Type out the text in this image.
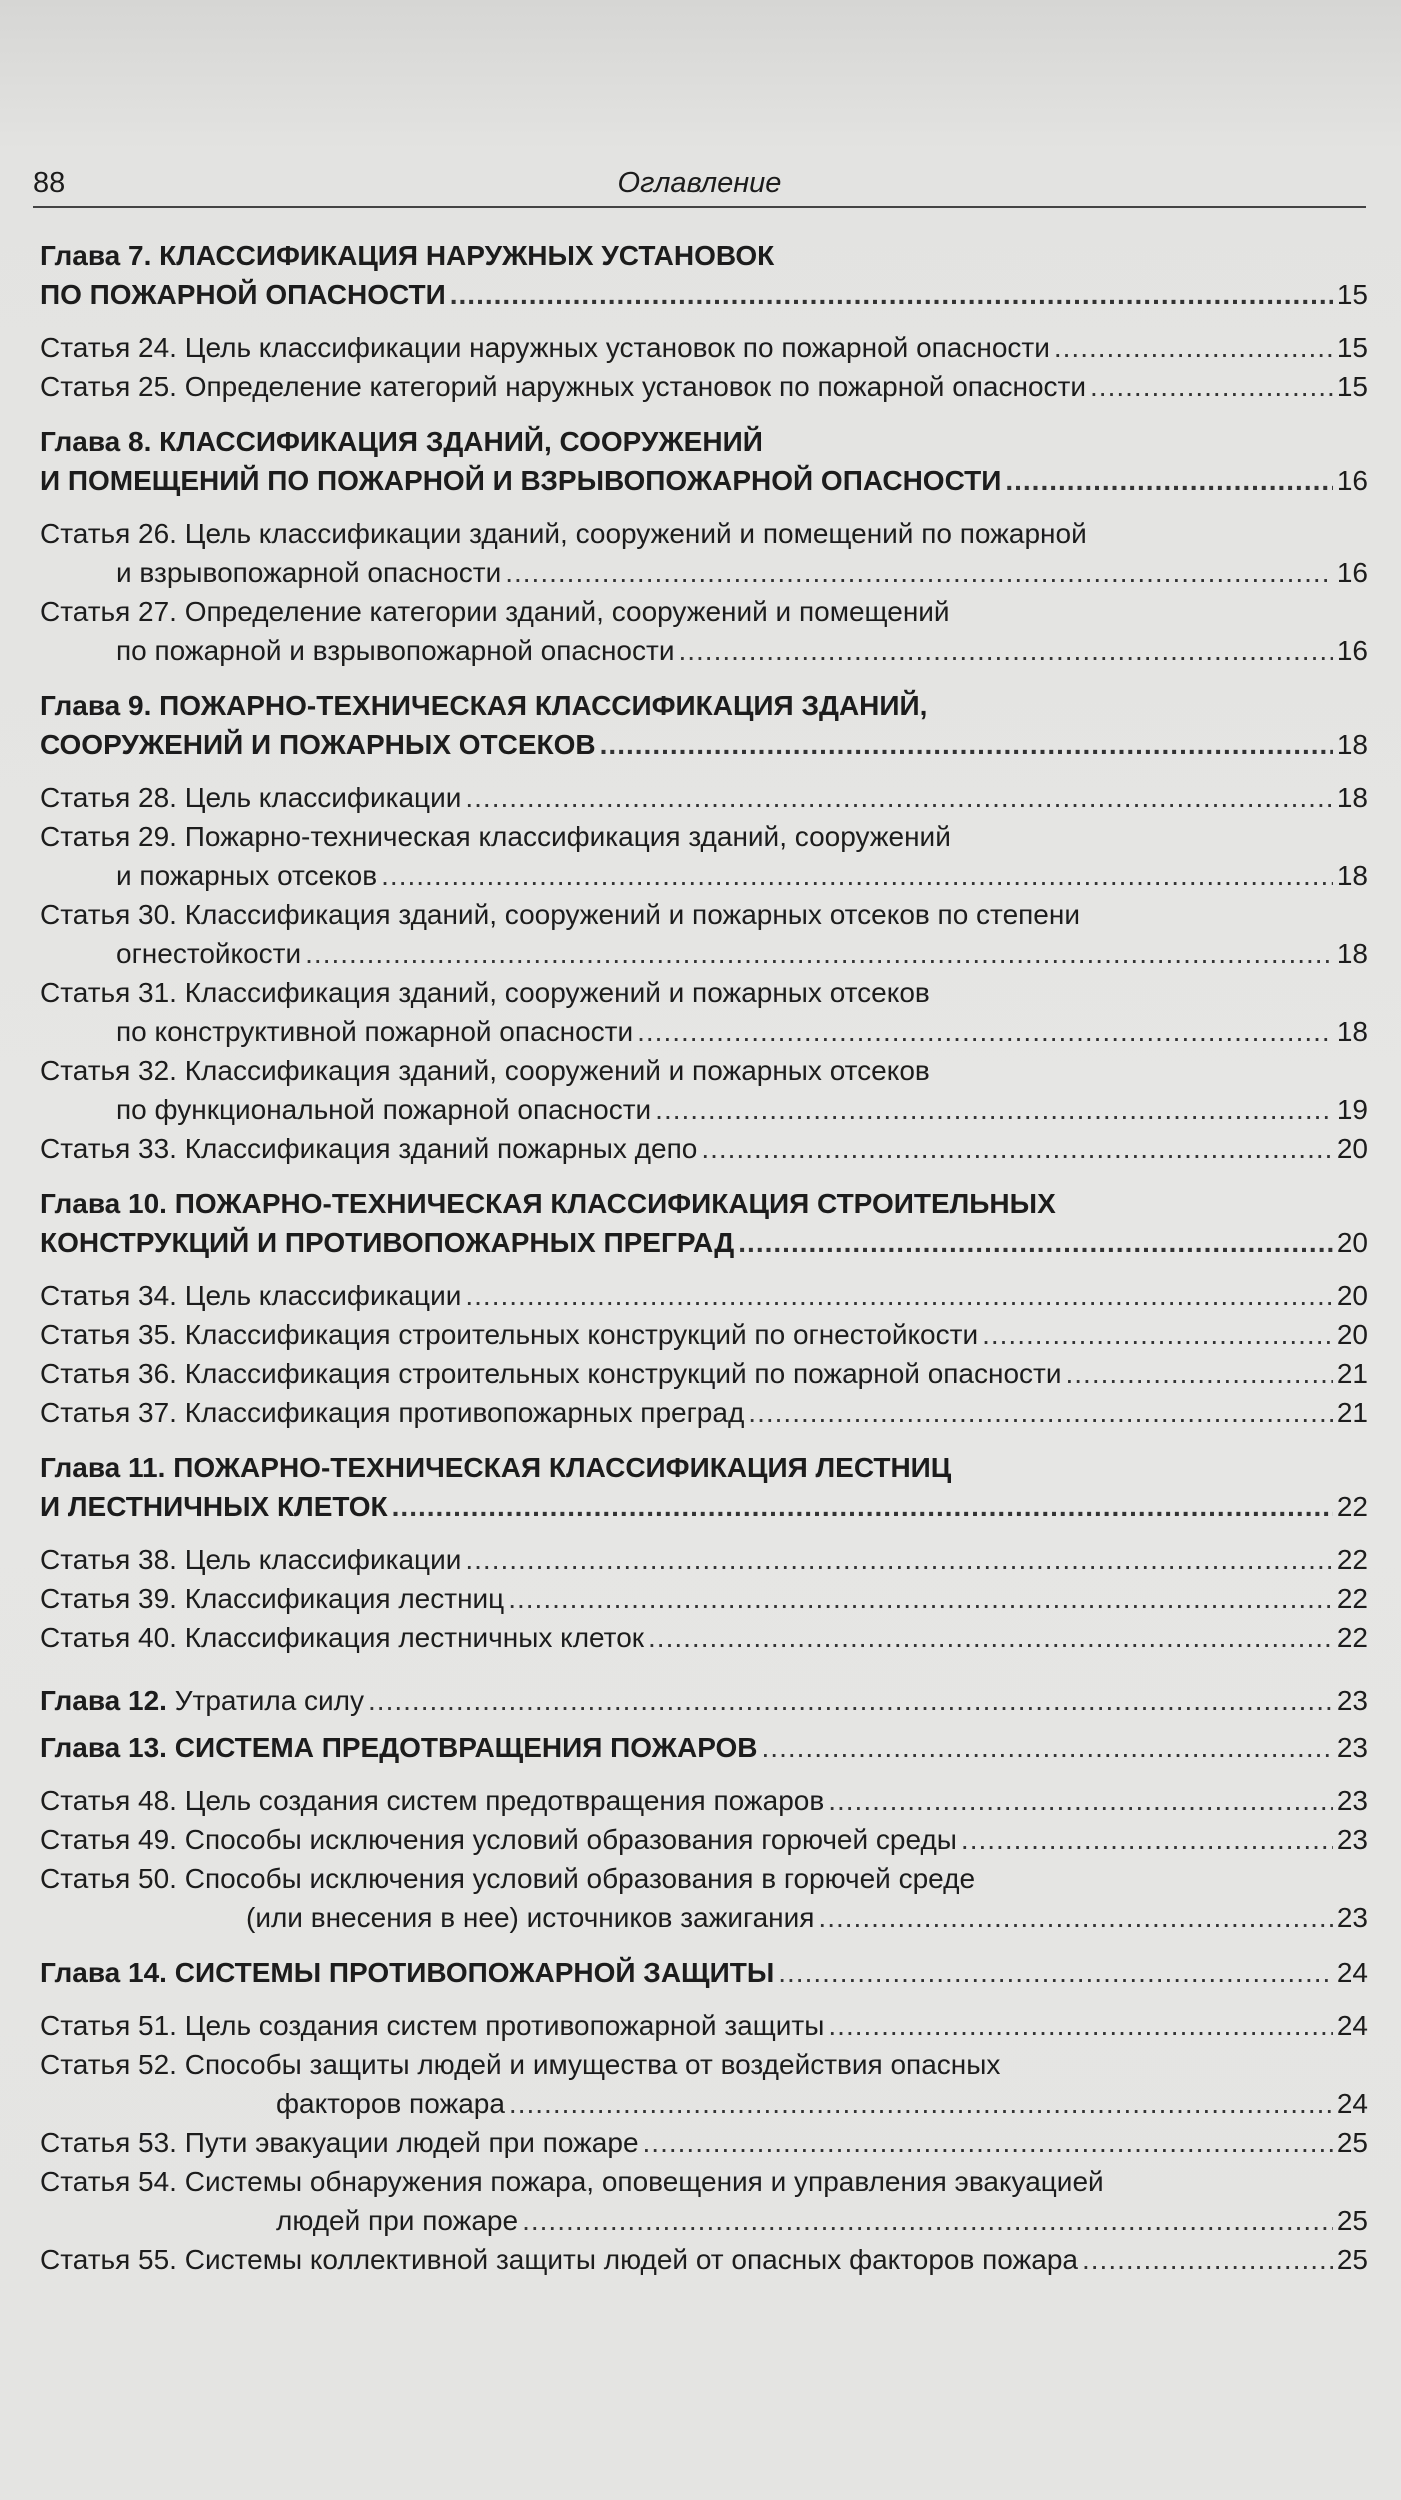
88	Оглавление
Глава 7. КЛАССИФИКАЦИЯ НАРУЖНЫХ УСТАНОВОК
ПО ПОЖАРНОЙ ОПАСНОСТИ .....	15
Статья 24. Цель классификации наружных установок по пожарной опасности .....	15
Статья 25. Определение категорий наружных установок по пожарной опасности .....	15
Глава 8. КЛАССИФИКАЦИЯ ЗДАНИЙ, СООРУЖЕНИЙ
И ПОМЕЩЕНИЙ ПО ПОЖАРНОЙ И ВЗРЫВОПОЖАРНОЙ ОПАСНОСТИ .....	16
Статья 26. Цель классификации зданий, сооружений и помещений по пожарной
и взрывопожарной опасности .....	16
Статья 27. Определение категории зданий, сооружений и помещений
по пожарной и взрывопожарной опасности .....	16
Глава 9. ПОЖАРНО-ТЕХНИЧЕСКАЯ КЛАССИФИКАЦИЯ ЗДАНИЙ,
СООРУЖЕНИЙ И ПОЖАРНЫХ ОТСЕКОВ .....	18
Статья 28. Цель классификации .....	18
Статья 29. Пожарно-техническая классификация зданий, сооружений
и пожарных отсеков .....	18
Статья 30. Классификация зданий, сооружений и пожарных отсеков по степени
огнестойкости .....	18
Статья 31. Классификация зданий, сооружений и пожарных отсеков
по конструктивной пожарной опасности .....	18
Статья 32. Классификация зданий, сооружений и пожарных отсеков
по функциональной пожарной опасности .....	19
Статья 33. Классификация зданий пожарных депо .....	20
Глава 10. ПОЖАРНО-ТЕХНИЧЕСКАЯ КЛАССИФИКАЦИЯ СТРОИТЕЛЬНЫХ
КОНСТРУКЦИЙ И ПРОТИВОПОЖАРНЫХ ПРЕГРАД .....	20
Статья 34. Цель классификации .....	20
Статья 35. Классификация строительных конструкций по огнестойкости .....	20
Статья 36. Классификация строительных конструкций по пожарной опасности .....	21
Статья 37. Классификация противопожарных преград .....	21
Глава 11. ПОЖАРНО-ТЕХНИЧЕСКАЯ КЛАССИФИКАЦИЯ ЛЕСТНИЦ
И ЛЕСТНИЧНЫХ КЛЕТОК .....	22
Статья 38. Цель классификации .....	22
Статья 39. Классификация лестниц .....	22
Статья 40. Классификация лестничных клеток .....	22
Глава 12. Утратила силу .....	23
Глава 13. СИСТЕМА ПРЕДОТВРАЩЕНИЯ ПОЖАРОВ .....	23
Статья 48. Цель создания систем предотвращения пожаров .....	23
Статья 49. Способы исключения условий образования горючей среды .....	23
Статья 50. Способы исключения условий образования в горючей среде
(или внесения в нее) источников зажигания .....	23
Глава 14. СИСТЕМЫ ПРОТИВОПОЖАРНОЙ ЗАЩИТЫ .....	24
Статья 51. Цель создания систем противопожарной защиты .....	24
Статья 52. Способы защиты людей и имущества от воздействия опасных
факторов пожара .....	24
Статья 53. Пути эвакуации людей при пожаре .....	25
Статья 54. Системы обнаружения пожара, оповещения и управления эвакуацией
людей при пожаре .....	25
Статья 55. Системы коллективной защиты людей от опасных факторов пожара .....	25
